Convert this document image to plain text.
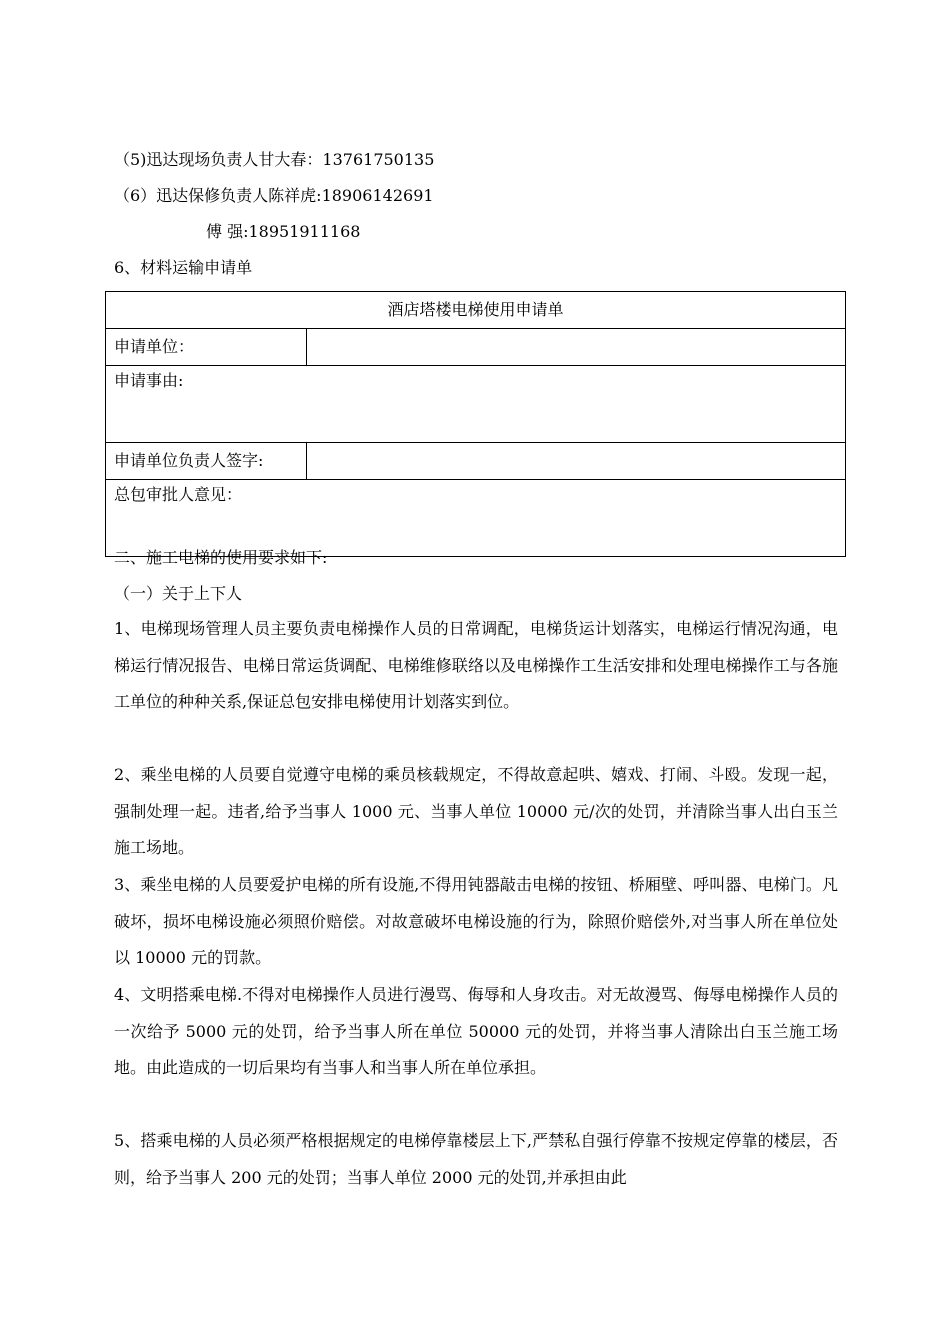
（5)迅达现场负责人甘大春：13761750135
（6）迅达保修负责人陈祥虎:18906142691
傅 强:18951911168
6、材料运输申请单
酒店塔楼电梯使用申请单	
申请单位：	
申请事由:	
申请单位负责人签字:	
总包审批人意见：	
二、施工电梯的使用要求如下:
（一）关于上下人
1、电梯现场管理人员主要负责电梯操作人员的日常调配，电梯货运计划落实，电梯运行情况沟通，电梯运行情况报告、电梯日常运货调配、电梯维修联络以及电梯操作工生活安排和处理电梯操作工与各施工单位的种种关系,保证总包安排电梯使用计划落实到位。
2、乘坐电梯的人员要自觉遵守电梯的乘员核载规定，不得故意起哄、嬉戏、打闹、斗殴。发现一起，强制处理一起。违者,给予当事人 1000 元、当事人单位 10000 元/次的处罚，并清除当事人出白玉兰施工场地。
3、乘坐电梯的人员要爱护电梯的所有设施,不得用钝器敲击电梯的按钮、桥厢壁、呼叫器、电梯门。凡破坏，损坏电梯设施必须照价赔偿。对故意破坏电梯设施的行为，除照价赔偿外,对当事人所在单位处以 10000 元的罚款。
4、文明搭乘电梯.不得对电梯操作人员进行漫骂、侮辱和人身攻击。对无故漫骂、侮辱电梯操作人员的一次给予 5000 元的处罚，给予当事人所在单位 50000 元的处罚，并将当事人清除出白玉兰施工场地。由此造成的一切后果均有当事人和当事人所在单位承担。
5、搭乘电梯的人员必须严格根据规定的电梯停靠楼层上下,严禁私自强行停靠不按规定停靠的楼层，否则，给予当事人 200 元的处罚；当事人单位 2000 元的处罚,并承担由此
